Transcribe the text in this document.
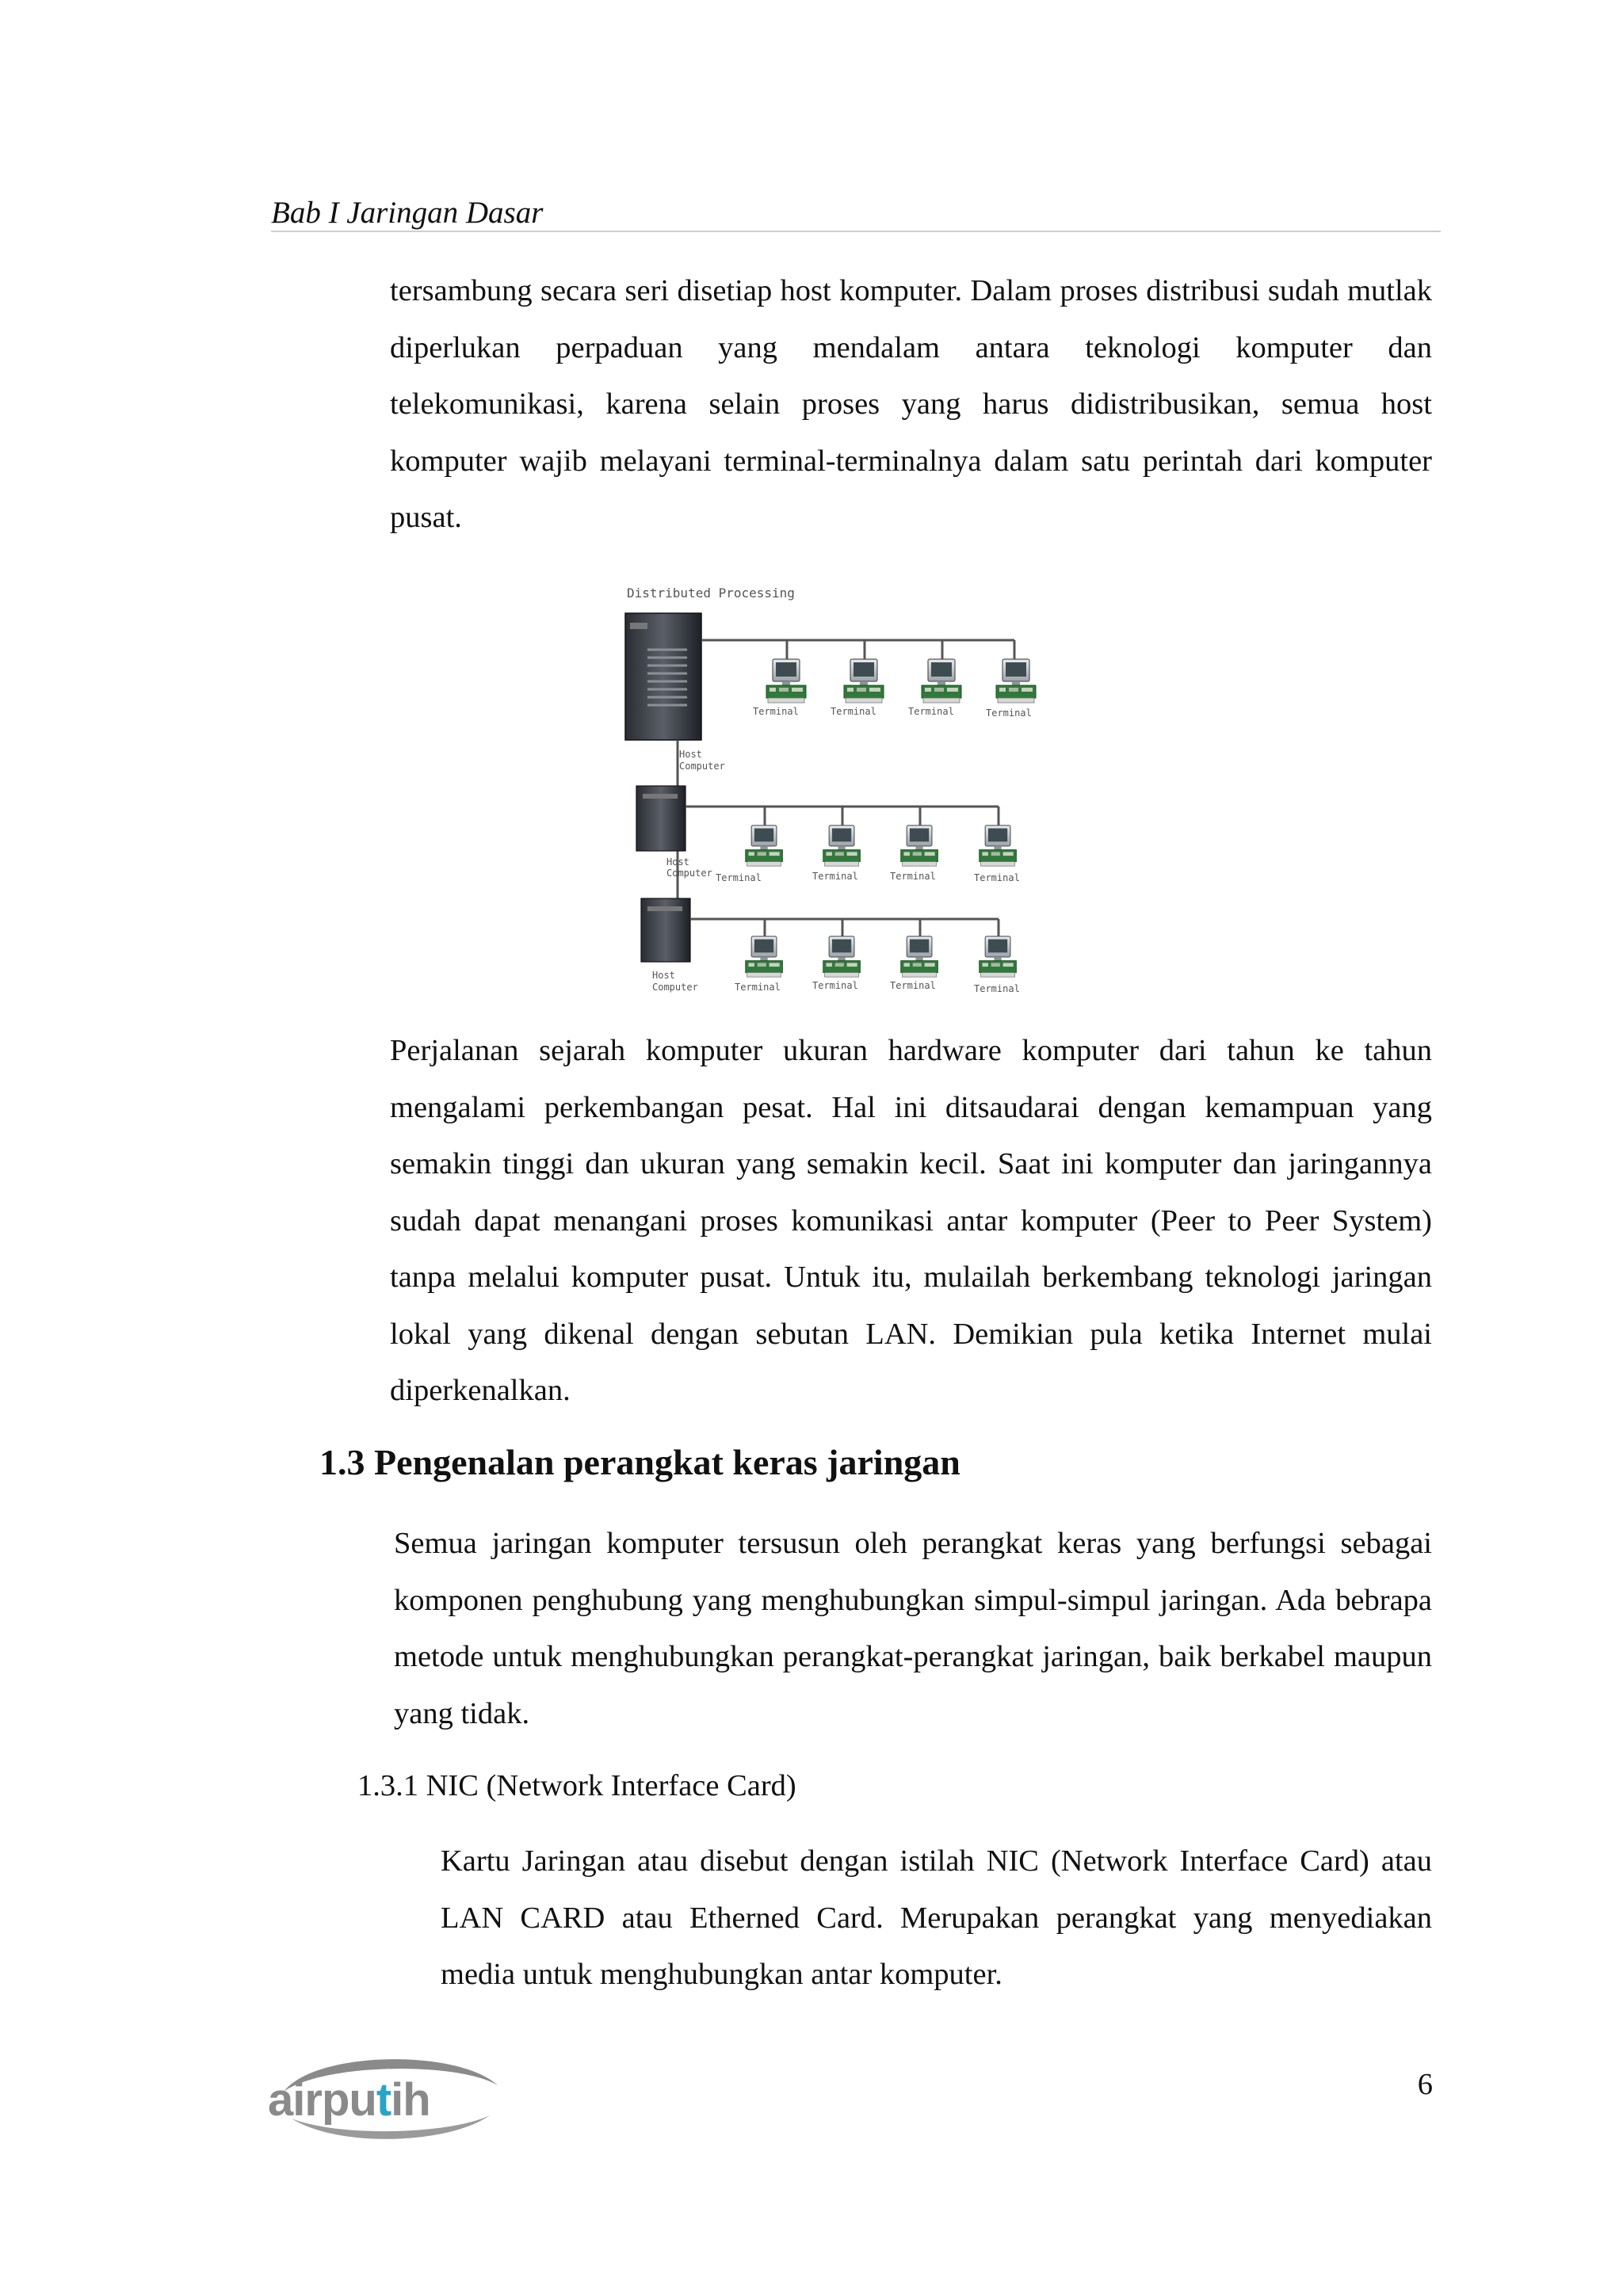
Bab I Jaringan Dasar

tersambung secara seri disetiap host komputer. Dalam proses distribusi sudah mutlak diperlukan perpaduan yang mendalam antara teknologi komputer dan telekomunikasi, karena selain proses yang harus didistribusikan, semua host komputer wajib melayani terminal-terminalnya dalam satu perintah dari komputer pusat.

Distributed Processing
Host
Computer
Terminal	Terminal	Terminal	Terminal
Host
Computer Terminal	Terminal	Terminal	Terminal
Host
Computer	Terminal	Terminal	Terminal	Terminal

Perjalanan sejarah komputer ukuran hardware komputer dari tahun ke tahun mengalami perkembangan pesat. Hal ini ditsaudarai dengan kemampuan yang semakin tinggi dan ukuran yang semakin kecil. Saat ini komputer dan jaringannya sudah dapat menangani proses komunikasi antar komputer (Peer to Peer System) tanpa melalui komputer pusat. Untuk itu, mulailah berkembang teknologi jaringan lokal yang dikenal dengan sebutan LAN. Demikian pula ketika Internet mulai diperkenalkan.

1.3 Pengenalan perangkat keras jaringan

Semua jaringan komputer tersusun oleh perangkat keras yang berfungsi sebagai komponen penghubung yang menghubungkan simpul-simpul jaringan. Ada bebrapa metode untuk menghubungkan perangkat-perangkat jaringan, baik berkabel maupun yang tidak.

1.3.1 NIC (Network Interface Card)

Kartu Jaringan atau disebut dengan istilah NIC (Network Interface Card) atau LAN CARD atau Etherned Card. Merupakan perangkat yang menyediakan media untuk menghubungkan antar komputer.

airputih	6
